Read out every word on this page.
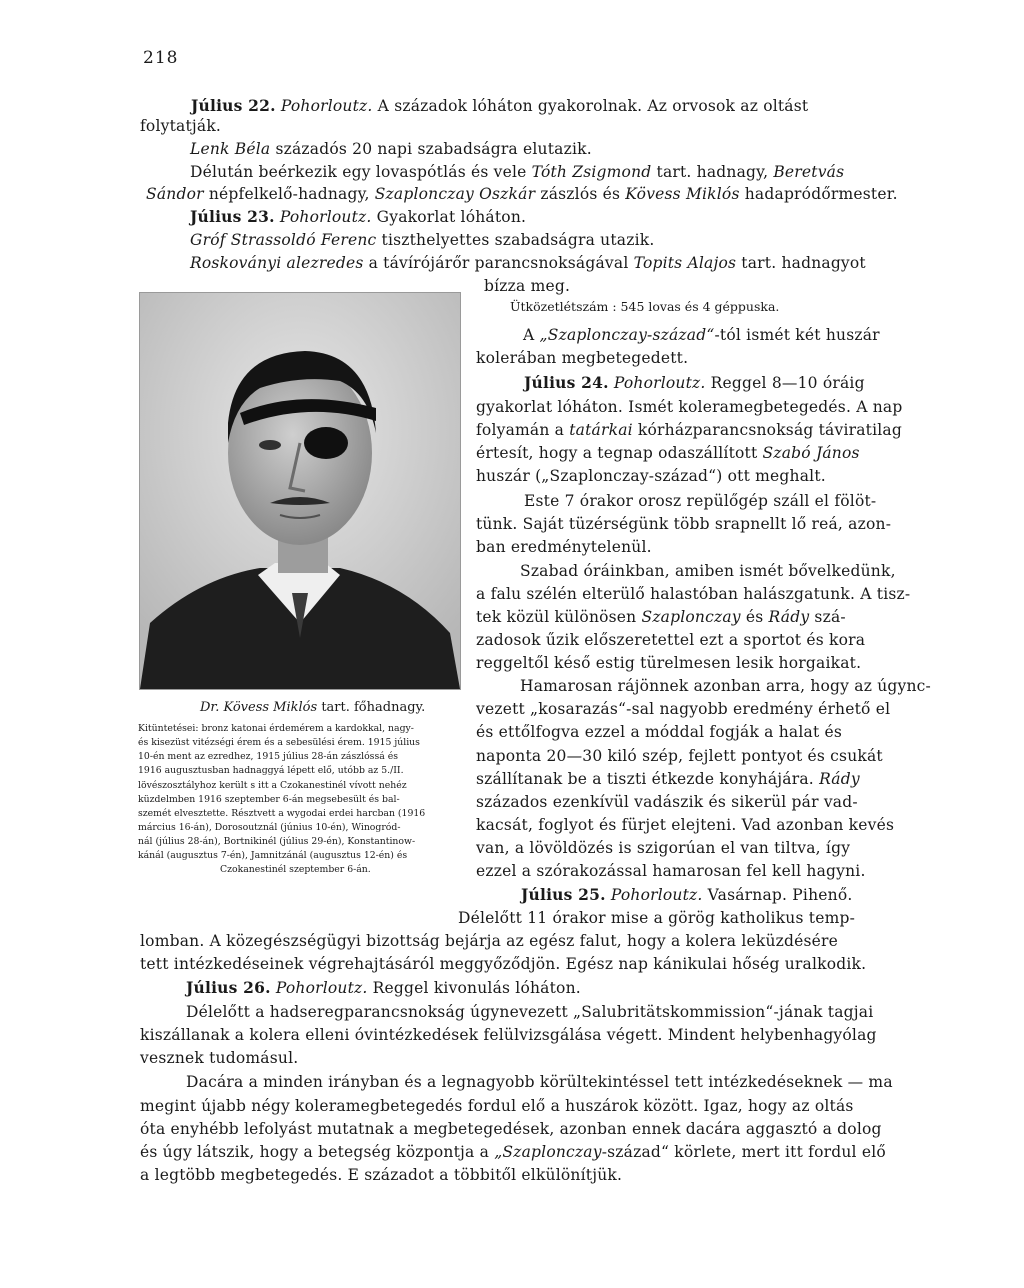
218
Július 22. Pohorloutz. A századok lóháton gyakorolnak. Az orvosok az oltást
folytatják.
Lenk Béla századós 20 napi szabadságra elutazik.
Délután beérkezik egy lovaspótlás és vele Tóth Zsigmond tart. hadnagy, Beretvás
Sándor népfelkelő-hadnagy, Szaplonczay Oszkár zászlós és Kövess Miklós hadapródőrmester.
Július 23. Pohorloutz. Gyakorlat lóháton.
Gróf Strassoldó Ferenc tiszthelyettes szabadságra utazik.
Roskoványi alezredes a távírójárőr parancsnokságával Topits Alajos tart. hadnagyot
bízza meg.
Ütközetlétszám : 545 lovas és 4 géppuska.
A „Szaplonczay-század“-tól ismét két huszár
kolerában megbetegedett.
Július 24. Pohorloutz. Reggel 8—10 óráig
gyakorlat lóháton. Ismét koleramegbetegedés. A nap
folyamán a tatárkai kórházparancsnokság táviratilag
értesít, hogy a tegnap odaszállított Szabó János
huszár („Szaplonczay-század“) ott meghalt.
Este 7 órakor orosz repülőgép száll el fölöt-
tünk. Saját tüzérségünk több srapnellt lő reá, azon-
ban eredménytelenül.
Szabad óráinkban, amiben ismét bővelkedünk,
a falu szélén elterülő halastóban halászgatunk. A tisz-
tek közül különösen Szaplonczay és Rády szá-
zadosok űzik előszeretettel ezt a sportot és kora
reggeltől késő estig türelmesen lesik horgaikat.
Hamarosan rájönnek azonban arra, hogy az úgync-
vezett „kosarazás“-sal nagyobb eredmény érhető el
és ettőlfogva ezzel a móddal fogják a halat és
naponta 20—30 kiló szép, fejlett pontyot és csukát
szállítanak be a tiszti étkezde konyhájára. Rády
százados ezenkívül vadászik és sikerül pár vad-
kacsát, foglyot és fürjet elejteni. Vad azonban kevés
van, a lövöldözés is szigorúan el van tiltva, így
ezzel a szórakozással hamarosan fel kell hagyni.
Július 25. Pohorloutz. Vasárnap. Pihenő.
Délelőtt 11 órakor mise a görög katholikus temp-
Dr. Kövess Miklós tart. főhadnagy.
Kitüntetései: bronz katonai érdemérem a kardokkal, nagy-
és kisezüst vitézségi érem és a sebesülési érem. 1915 július
10-én ment az ezredhez, 1915 július 28-án zászlóssá és
1916 augusztusban hadnaggyá lépett elő, utóbb az 5./II.
lövészosztályhoz került s itt a Czokanestinél vívott nehéz
küzdelmben 1916 szeptember 6-án megsebesült és bal-
szemét elvesztette. Résztvett a wygodai erdei harcban (1916
március 16-án), Dorosoutznál (június 10-én), Winogród-
nál (július 28-án), Bortnikinél (július 29-én), Konstantinow-
kánál (augusztus 7-én), Jamnitzánál (augusztus 12-én) és
Czokanestinél szeptember 6-án.
lomban. A közegészségügyi bizottság bejárja az egész falut, hogy a kolera leküzdésére
tett intézkedéseinek végrehajtásáról meggyőződjön. Egész nap kánikulai hőség uralkodik.
Július 26. Pohorloutz. Reggel kivonulás lóháton.
Délelőtt a hadseregparancsnokság úgynevezett „Salubritätskommission“-jának tagjai
kiszállanak a kolera elleni óvintézkedések felülvizsgálása végett. Mindent helybenhagyólag
vesznek tudomásul.
Dacára a minden irányban és a legnagyobb körültekintéssel tett intézkedéseknek — ma
megint újabb négy koleramegbetegedés fordul elő a huszárok között. Igaz, hogy az oltás
óta enyhébb lefolyást mutatnak a megbetegedések, azonban ennek dacára aggasztó a dolog
és úgy látszik, hogy a betegség központja a „Szaplonczay-század“ körlete, mert itt fordul elő
a legtöbb megbetegedés. E századot a többitől elkülönítjük.
